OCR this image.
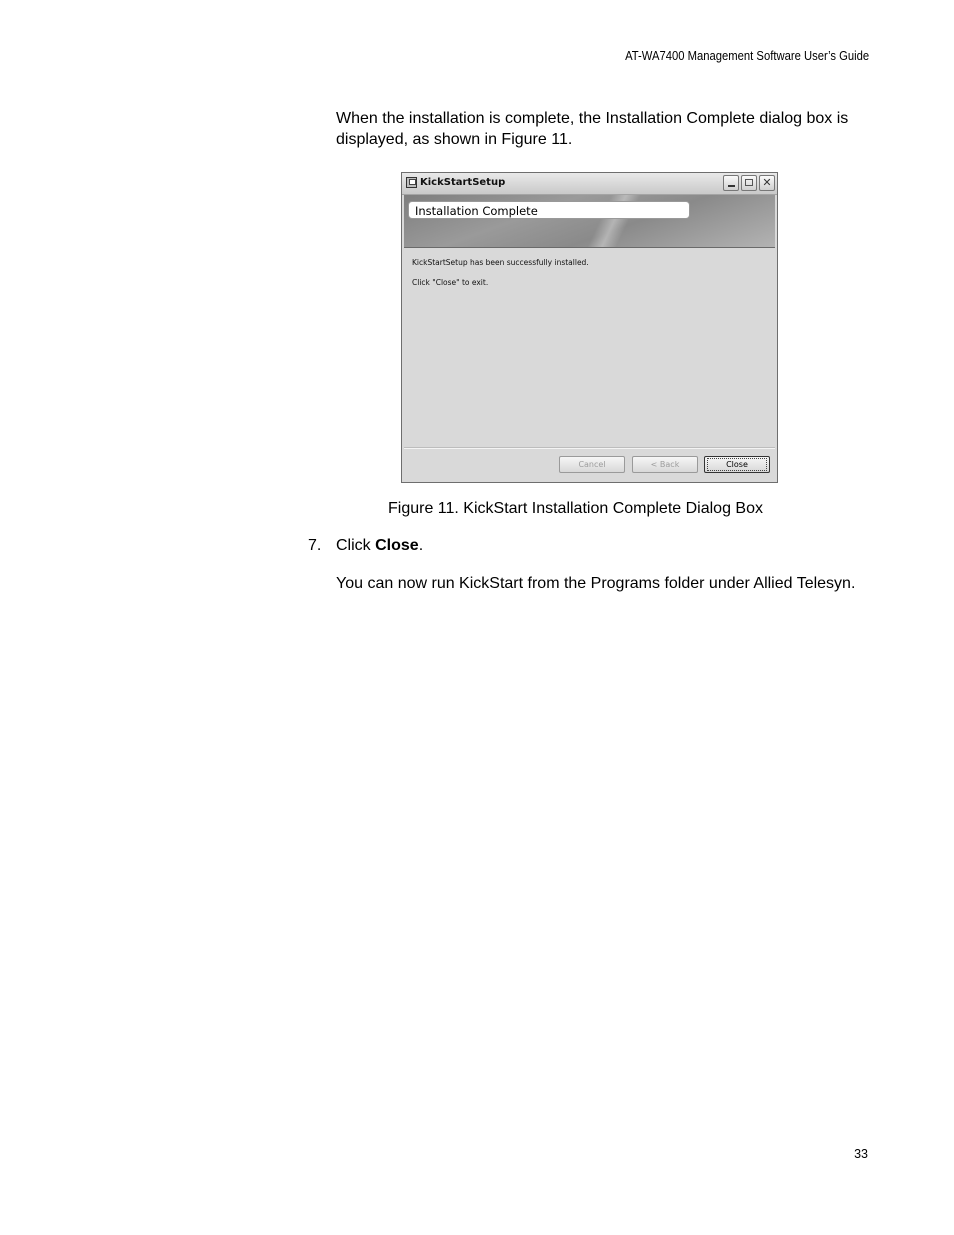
AT-WA7400 Management Software User’s Guide
When the installation is complete, the Installation Complete dialog box is displayed, as shown in Figure 11.
KickStartSetup	✕
Installation Complete
KickStartSetup has been successfully installed.
Click "Close" to exit.
Cancel	< Back	Close
Figure 11. KickStart Installation Complete Dialog Box
7. Click Close.
You can now run KickStart from the Programs folder under Allied Telesyn.
33
